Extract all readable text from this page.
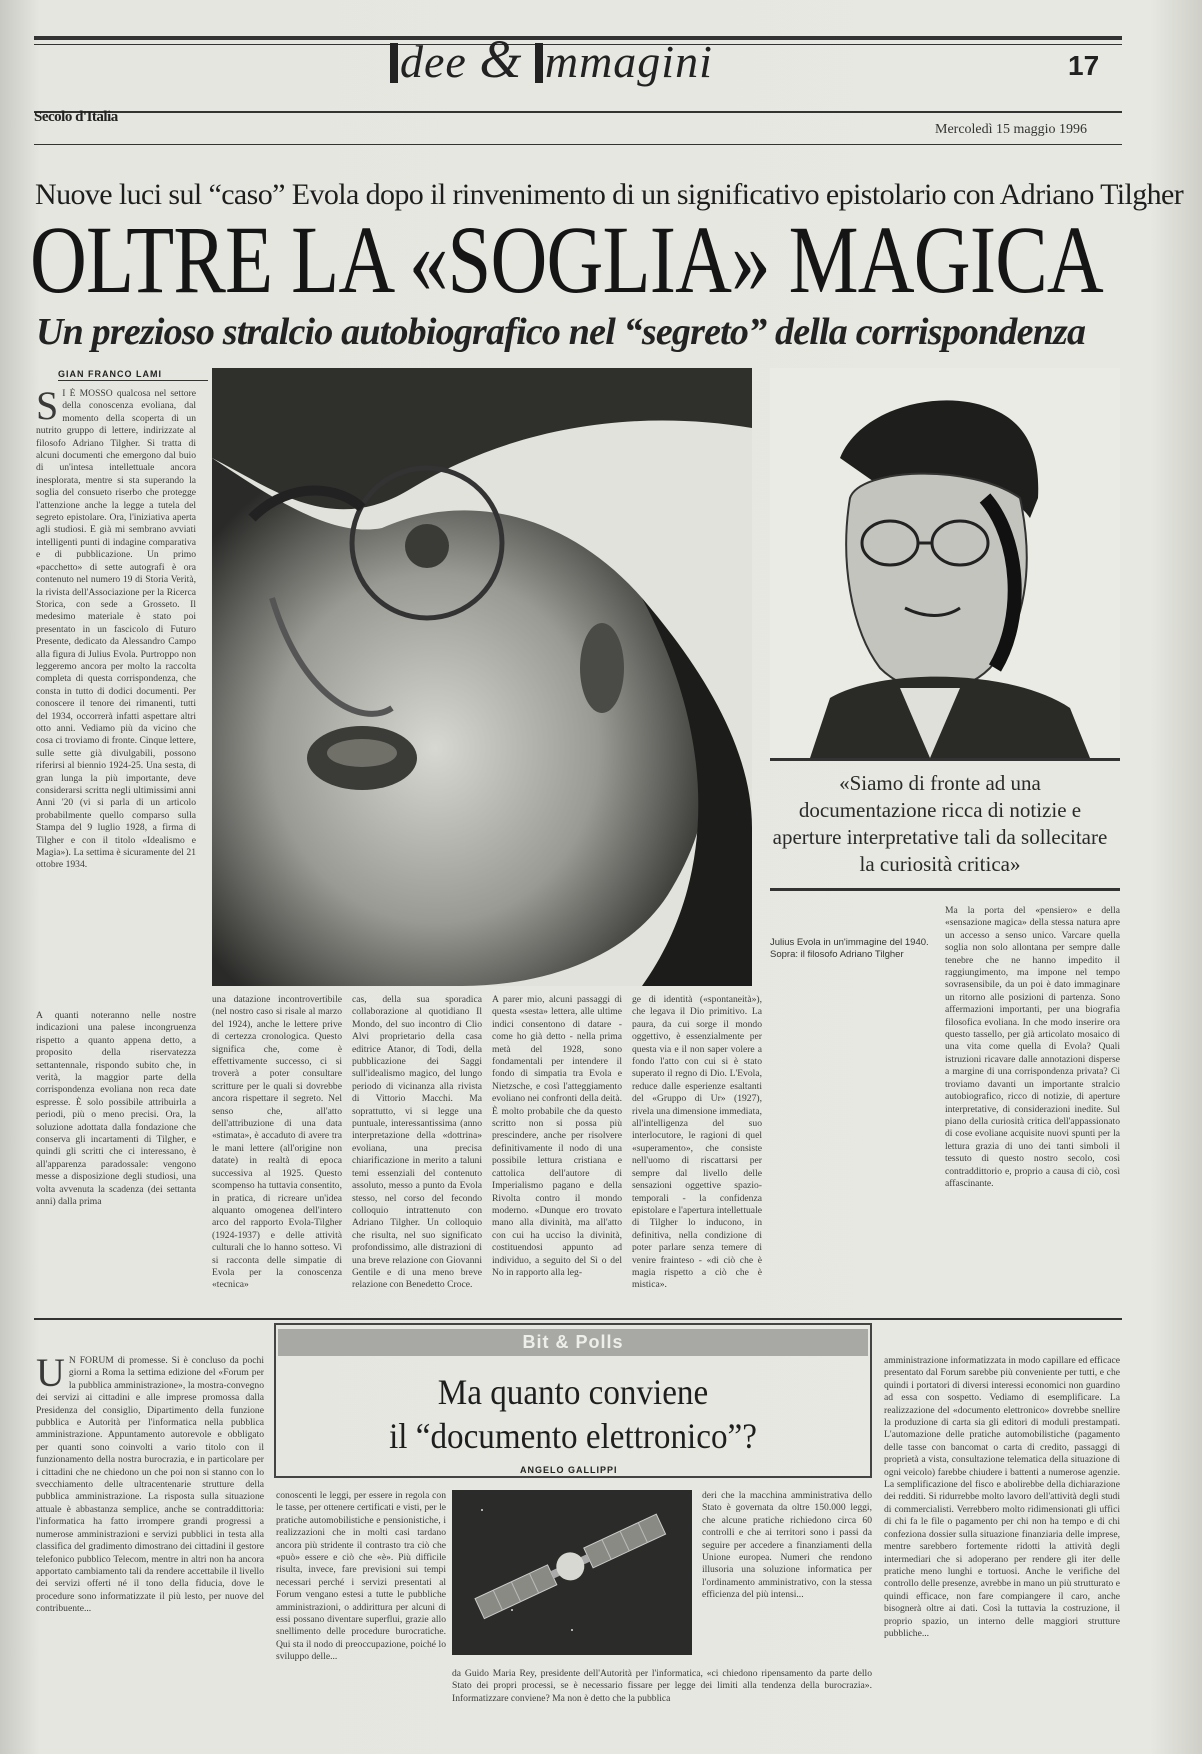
dee & mmagini	17
Secolo d'Italia
Mercoledì 15 maggio 1996
Nuove luci sul “caso” Evola dopo il rinvenimento di un significativo epistolario con Adriano Tilgher
OLTRE LA «SOGLIA» MAGICA
Un prezioso stralcio autobiografico nel “segreto” della corrispondenza
GIAN FRANCO LAMI
S I È MOSSO qualcosa nel settore della conoscenza evoliana, dal momento della scoperta di un nutrito gruppo di lettere, indirizzate al filosofo Adriano Tilgher. Si tratta di alcuni documenti che emergono dal buio di un'intesa intellettuale ancora inesplorata, mentre si sta superando la soglia del consueto riserbo che protegge l'attenzione anche la legge a tutela del segreto epistolare. Ora, l'iniziativa aperta agli studiosi. E già mi sembrano avviati intelligenti punti di indagine comparativa e di pubblicazione. Un primo «pacchetto» di sette autografi è ora contenuto nel numero 19 di Storia Verità, la rivista dell'Associazione per la Ricerca Storica, con sede a Grosseto. Il medesimo materiale è stato poi presentato in un fascicolo di Futuro Presente, dedicato da Alessandro Campo alla figura di Julius Evola. Purtroppo non leggeremo ancora per molto la raccolta completa di questa corrispondenza, che consta in tutto di dodici documenti. Per conoscere il tenore dei rimanenti, tutti del 1934, occorrerà infatti aspettare altri otto anni. Vediamo più da vicino che cosa ci troviamo di fronte. Cinque lettere, sulle sette già divulgabili, possono riferirsi al biennio 1924-25. Una sesta, di gran lunga la più importante, deve considerarsi scritta negli ultimissimi anni Anni '20 (vi si parla di un articolo probabilmente quello comparso sulla Stampa del 9 luglio 1928, a firma di Tilgher e con il titolo «Idealismo e Magia»). La settima è sicuramente del 21 ottobre 1934.
A quanti noteranno nelle nostre indicazioni una palese incongruenza rispetto a quanto appena detto, a proposito della riservatezza settantennale, rispondo subito che, in verità, la maggior parte della corrispondenza evoliana non reca date espresse. È solo possibile attribuirla a periodi, più o meno precisi. Ora, la soluzione adottata dalla fondazione che conserva gli incartamenti di Tilgher, e quindi gli scritti che ci interessano, è all'apparenza paradossale: vengono messe a disposizione degli studiosi, una volta avvenuta la scadenza (dei settanta anni) dalla prima
«Siamo di fronte ad una documentazione ricca di notizie e aperture interpretative tali da sollecitare la curiosità critica»
Julius Evola in un'immagine del 1940. Sopra: il filosofo Adriano Tilgher
una datazione incontrovertibile (nel nostro caso si risale al marzo del 1924), anche le lettere prive di certezza cronologica. Questo significa che, come è effettivamente successo, ci si troverà a poter consultare scritture per le quali si dovrebbe ancora rispettare il segreto. Nel senso che, all'atto dell'attribuzione di una data «stimata», è accaduto di avere tra le mani lettere (all'origine non datate) in realtà di epoca successiva al 1925. Questo scompenso ha tuttavia consentito, in pratica, di ricreare un'idea alquanto omogenea dell'intero arco del rapporto Evola-Tilgher (1924-1937) e delle attività culturali che lo hanno sotteso. Vi si racconta delle simpatie di Evola per la conoscenza «tecnica»
cas, della sua sporadica collaborazione al quotidiano Il Mondo, del suo incontro di Clio Alvi proprietario della casa editrice Atanor, di Todi, della pubblicazione dei Saggi sull'idealismo magico, del lungo periodo di vicinanza alla rivista di Vittorio Macchi. Ma soprattutto, vi si legge una puntuale, interessantissima (anno interpretazione della «dottrina» evoliana, una precisa chiarificazione in merito a taluni temi essenziali del contenuto assoluto, messo a punto da Evola stesso, nel corso del fecondo colloquio intrattenuto con Adriano Tilgher. Un colloquio che risulta, nel suo significato profondissimo, alle distrazioni di una breve relazione con Giovanni Gentile e di una meno breve relazione con Benedetto Croce.
A parer mio, alcuni passaggi di questa «sesta» lettera, alle ultime indici consentono di datare - come ho già detto - nella prima metà del 1928, sono fondamentali per intendere il fondo di simpatia tra Evola e Nietzsche, e così l'atteggiamento evoliano nei confronti della deità. È molto probabile che da questo scritto non si possa più prescindere, anche per risolvere definitivamente il nodo di una possibile lettura cristiana e cattolica dell'autore di Imperialismo pagano e della Rivolta contro il mondo moderno. «Dunque ero trovato mano alla divinità, ma all'atto con cui ha ucciso la divinità, costituendosi appunto ad individuo, a seguito del Sì o del No in rapporto alla leg-
ge di identità («spontaneità»), che legava il Dio primitivo. La paura, da cui sorge il mondo oggettivo, è essenzialmente per questa via e il non saper volere a fondo l'atto con cui si è stato superato il regno di Dio. L'Evola, reduce dalle esperienze esaltanti del «Gruppo di Ur» (1927), rivela una dimensione immediata, all'intelligenza del suo interlocutore, le ragioni di quel «superamento», che consiste nell'uomo di riscattarsi per sempre dal livello delle sensazioni oggettive spazio-temporali - la confidenza epistolare e l'apertura intellettuale di Tilgher lo inducono, in definitiva, nella condizione di poter parlare senza temere di venire frainteso - «di ciò che è magia rispetto a ciò che è mistica».
Ma la porta del «pensiero» e della «sensazione magica» della stessa natura apre un accesso a senso unico. Varcare quella soglia non solo allontana per sempre dalle tenebre che ne hanno impedito il raggiungimento, ma impone nel tempo sovrasensibile, da un poi è dato immaginare un ritorno alle posizioni di partenza. Sono affermazioni importanti, per una biografia filosofica evoliana. In che modo inserire ora questo tassello, per già articolato mosaico di una vita come quella di Evola? Quali istruzioni ricavare dalle annotazioni disperse a margine di una corrispondenza privata? Ci troviamo davanti un importante stralcio autobiografico, ricco di notizie, di aperture interpretative, di considerazioni inedite. Sul piano della curiosità critica dell'appassionato di cose evoliane acquisite nuovi spunti per la lettura grazia di uno dei tanti simboli il tessuto di questo nostro secolo, così contraddittorio e, proprio a causa di ciò, così affascinante.
Bit & Polls
Ma quanto conviene
il “documento elettronico”?
ANGELO GALLIPPI
U N FORUM di promesse. Si è concluso da pochi giorni a Roma la settima edizione del «Forum per la pubblica amministrazione», la mostra-convegno dei servizi ai cittadini e alle imprese promossa dalla Presidenza del consiglio, Dipartimento della funzione pubblica e Autorità per l'informatica nella pubblica amministrazione. Appuntamento autorevole e obbligato per quanti sono coinvolti a vario titolo con il funzionamento della nostra burocrazia, e in particolare per i cittadini che ne chiedono un che poi non si stanno con lo svecchiamento delle ultracentenarie strutture della pubblica amministrazione. La risposta sulla situazione attuale è abbastanza semplice, anche se contraddittoria: l'informatica ha fatto irrompere grandi progressi a numerose amministrazioni e servizi pubblici in testa alla classifica del gradimento dimostrano dei cittadini il gestore telefonico pubblico Telecom, mentre in altri non ha ancora apportato cambiamento tali da rendere accettabile il livello dei servizi offerti né il tono della fiducia, dove le procedure sono informatizzate il più lesto, per nuove del contribuente...
conoscenti le leggi, per essere in regola con le tasse, per ottenere certificati e visti, per le pratiche automobilistiche e pensionistiche, i realizzazioni che in molti casi tardano ancora più stridente il contrasto tra ciò che «può» essere e ciò che «è». Più difficile risulta, invece, fare previsioni sui tempi necessari perché i servizi presentati al Forum vengano estesi a tutte le pubbliche amministrazioni, o addirittura per alcuni di essi possano diventare superflui, grazie allo snellimento delle procedure burocratiche. Qui sta il nodo di preoccupazione, poiché lo sviluppo delle...
deri che la macchina amministrativa dello Stato è governata da oltre 150.000 leggi, che alcune pratiche richiedono circa 60 controlli e che ai territori sono i passi da seguire per accedere a finanziamenti della Unione europea. Numeri che rendono illusoria una soluzione informatica per l'ordinamento amministrativo, con la stessa efficienza del più intensi...
da Guido Maria Rey, presidente dell'Autorità per l'informatica, «ci chiedono ripensamento da parte dello Stato dei propri processi, se è necessario fissare per legge dei limiti alla tendenza della burocrazia». Informatizzare conviene? Ma non è detto che la pubblica
amministrazione informatizzata in modo capillare ed efficace presentato dal Forum sarebbe più conveniente per tutti, e che quindi i portatori di diversi interessi economici non guardino ad essa con sospetto. Vediamo di esemplificare. La realizzazione del «documento elettronico» dovrebbe snellire la produzione di carta sia gli editori di moduli prestampati. L'automazione delle pratiche automobilistiche (pagamento delle tasse con bancomat o carta di credito, passaggi di proprietà a vista, consultazione telematica della situazione di ogni veicolo) farebbe chiudere i battenti a numerose agenzie. La semplificazione del fisco e abolirebbe della dichiarazione dei redditi. Si ridurrebbe molto lavoro dell'attività degli studi di commercialisti. Verrebbero molto ridimensionati gli uffici di chi fa le file o pagamento per chi non ha tempo e di chi confeziona dossier sulla situazione finanziaria delle imprese, mentre sarebbero fortemente ridotti la attività degli intermediari che si adoperano per rendere gli iter delle pratiche meno lunghi e tortuosi. Anche le verifiche del controllo delle presenze, avrebbe in mano un più strutturato e quindi efficace, non fare compiangere il caro, anche bisognerà oltre ai dati. Così la tuttavia la costruzione, il proprio spazio, un interno delle maggiori strutture pubbliche...
